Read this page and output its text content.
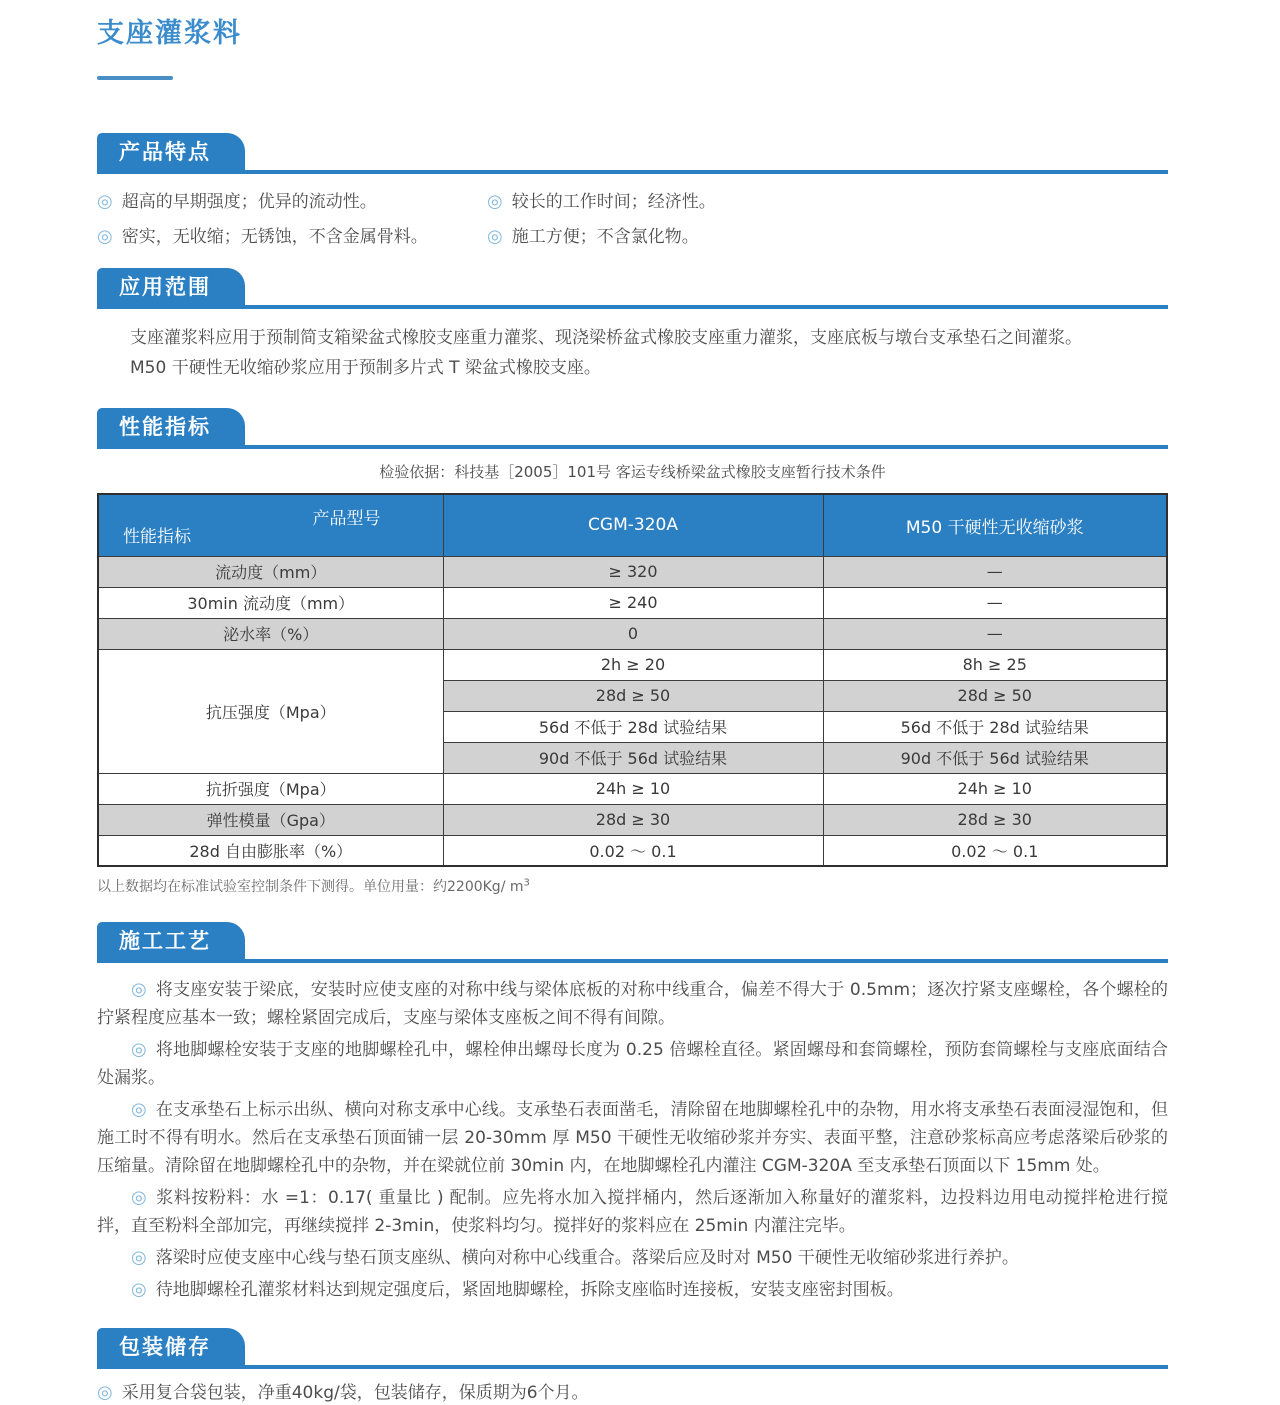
支座灌浆料
产品特点
◎ 超高的早期强度；优异的流动性。	◎ 较长的工作时间；经济性。
◎ 密实，无收缩；无锈蚀，不含金属骨料。	◎ 施工方便；不含氯化物。
应用范围
支座灌浆料应用于预制简支箱梁盆式橡胶支座重力灌浆、现浇梁桥盆式橡胶支座重力灌浆，支座底板与墩台支承垫石之间灌浆。
M50 干硬性无收缩砂浆应用于预制多片式 T 梁盆式橡胶支座。
性能指标
检验依据：科技基［2005］101号 客运专线桥梁盆式橡胶支座暂行技术条件
产品型号
性能指标	CGM-320A	M50 干硬性无收缩砂浆
流动度（mm）	≥ 320	—
30min 流动度（mm）	≥ 240	—
泌水率（%）	0	—
抗压强度（Mpa）	2h ≥ 20	8h ≥ 25
	28d ≥ 50	28d ≥ 50
	56d 不低于 28d 试验结果	56d 不低于 28d 试验结果
	90d 不低于 56d 试验结果	90d 不低于 56d 试验结果
抗折强度（Mpa）	24h ≥ 10	24h ≥ 10
弹性模量（Gpa）	28d ≥ 30	28d ≥ 30
28d 自由膨胀率（%）	0.02 ～ 0.1	0.02 ～ 0.1
以上数据均在标准试验室控制条件下测得。单位用量：约2200Kg/ $m^3$
施工工艺

◎ 将支座安装于梁底，安装时应使支座的对称中线与梁体底板的对称中线重合，偏差不得大于 0.5mm；逐次拧紧支座螺栓，各个螺栓的拧紧程度应基本一致；螺栓紧固完成后，支座与梁体支座板之间不得有间隙。

◎ 将地脚螺栓安装于支座的地脚螺栓孔中，螺栓伸出螺母长度为 0.25 倍螺栓直径。紧固螺母和套筒螺栓，预防套筒螺栓与支座底面结合处漏浆。

◎ 在支承垫石上标示出纵、横向对称支承中心线。支承垫石表面凿毛，清除留在地脚螺栓孔中的杂物，用水将支承垫石表面浸湿饱和，但施工时不得有明水。然后在支承垫石顶面铺一层 20-30mm 厚 M50 干硬性无收缩砂浆并夯实、表面平整，注意砂浆标高应考虑落梁后砂浆的压缩量。清除留在地脚螺栓孔中的杂物，并在梁就位前 30min 内，在地脚螺栓孔内灌注 CGM-320A 至支承垫石顶面以下 15mm 处。

◎ 浆料按粉料：水 =1：0.17( 重量比 ) 配制。应先将水加入搅拌桶内，然后逐渐加入称量好的灌浆料，边投料边用电动搅拌枪进行搅拌，直至粉料全部加完，再继续搅拌 2-3min，使浆料均匀。搅拌好的浆料应在 25min 内灌注完毕。

◎ 落梁时应使支座中心线与垫石顶支座纵、横向对称中心线重合。落梁后应及时对 M50 干硬性无收缩砂浆进行养护。

◎ 待地脚螺栓孔灌浆材料达到规定强度后，紧固地脚螺栓，拆除支座临时连接板，安装支座密封围板。

包装储存
◎ 采用复合袋包装，净重40kg/袋，包装储存，保质期为6个月。
